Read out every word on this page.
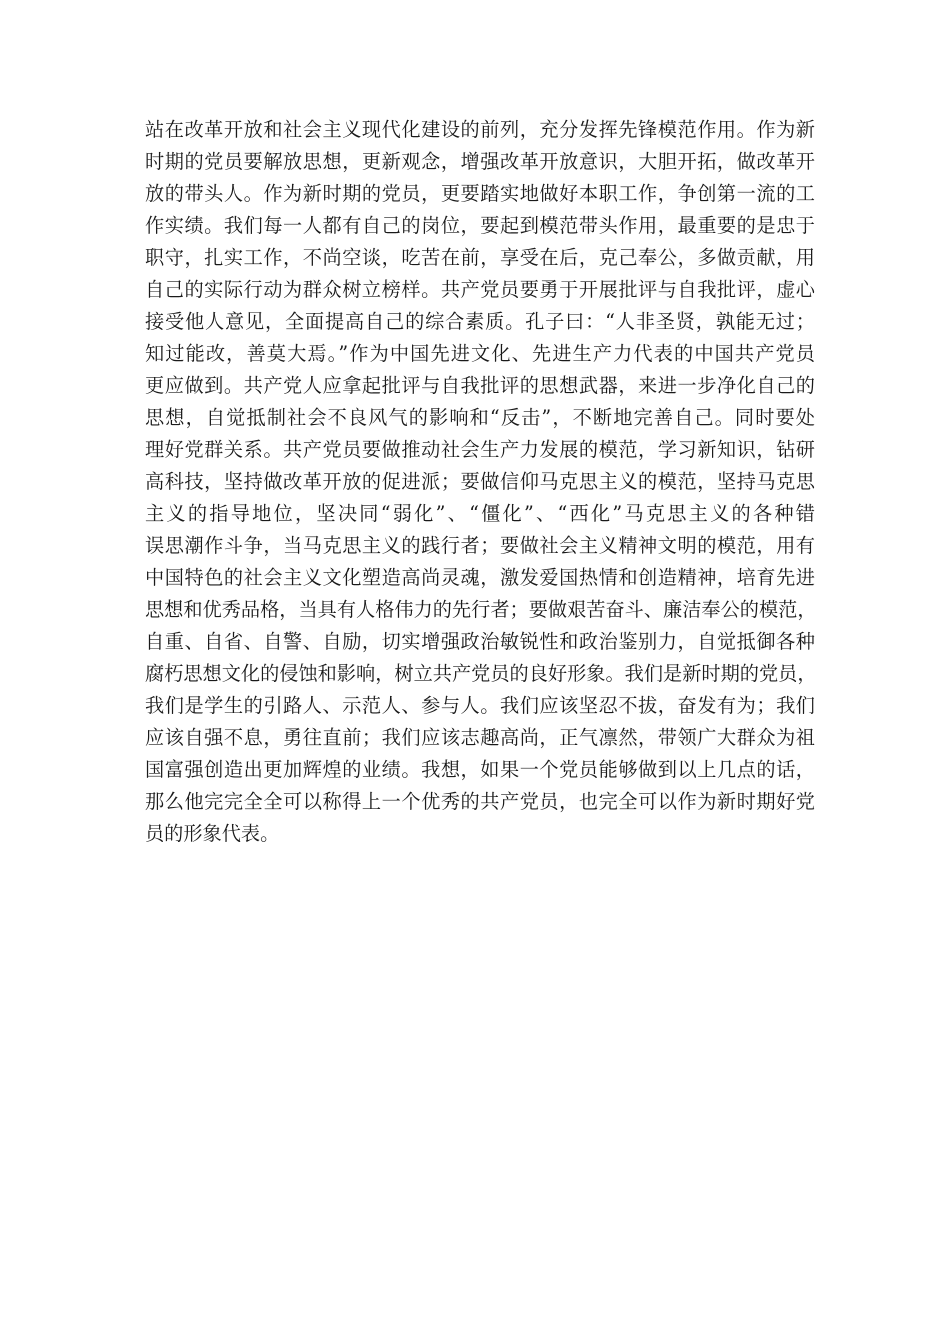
站在改革开放和社会主义现代化建设的前列，充分发挥先锋模范作用。作为新
时期的党员要解放思想，更新观念，增强改革开放意识，大胆开拓，做改革开
放的带头人。作为新时期的党员，更要踏实地做好本职工作，争创第一流的工
作实绩。我们每一人都有自己的岗位，要起到模范带头作用，最重要的是忠于
职守，扎实工作，不尚空谈，吃苦在前，享受在后，克己奉公，多做贡献，用
自己的实际行动为群众树立榜样。共产党员要勇于开展批评与自我批评，虚心
接受他人意见，全面提高自己的综合素质。孔子曰：“人非圣贤，孰能无过；
知过能改，善莫大焉。”作为中国先进文化、先进生产力代表的中国共产党员
更应做到。共产党人应拿起批评与自我批评的思想武器，来进一步净化自己的
思想，自觉抵制社会不良风气的影响和“反击”，不断地完善自己。同时要处
理好党群关系。共产党员要做推动社会生产力发展的模范，学习新知识，钻研
高科技，坚持做改革开放的促进派；要做信仰马克思主义的模范，坚持马克思
主义的指导地位，坚决同“弱化”、“僵化”、“西化”马克思主义的各种错
误思潮作斗争，当马克思主义的践行者；要做社会主义精神文明的模范，用有
中国特色的社会主义文化塑造高尚灵魂，激发爱国热情和创造精神，培育先进
思想和优秀品格，当具有人格伟力的先行者；要做艰苦奋斗、廉洁奉公的模范，
自重、自省、自警、自励，切实增强政治敏锐性和政治鉴别力，自觉抵御各种
腐朽思想文化的侵蚀和影响，树立共产党员的良好形象。我们是新时期的党员，
我们是学生的引路人、示范人、参与人。我们应该坚忍不拔，奋发有为；我们
应该自强不息，勇往直前；我们应该志趣高尚，正气凛然，带领广大群众为祖
国富强创造出更加辉煌的业绩。我想，如果一个党员能够做到以上几点的话，
那么他完完全全可以称得上一个优秀的共产党员，也完全可以作为新时期好党
员的形象代表。
